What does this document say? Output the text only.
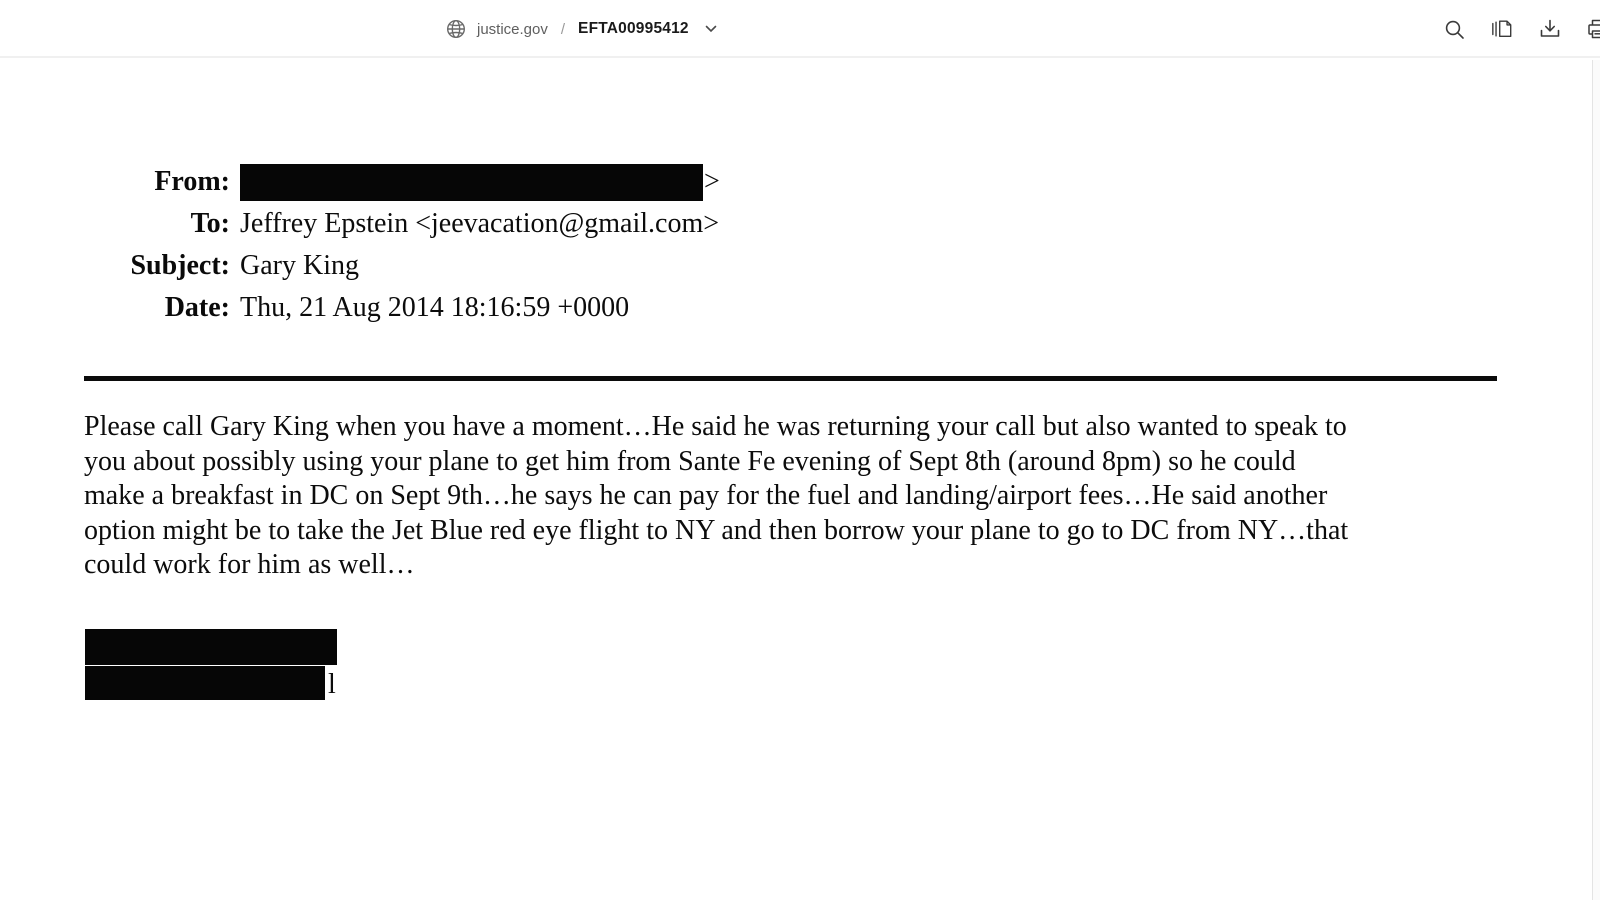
justice.gov / EFTA00995412
From:	>
To: Jeffrey Epstein <jeevacation@gmail.com>
Subject: Gary King
Date: Thu, 21 Aug 2014 18:16:59 +0000
Please call Gary King when you have a moment…He said he was returning your call but also wanted to speak to
you about possibly using your plane to get him from Sante Fe evening of Sept 8th (around 8pm) so he could
make a breakfast in DC on Sept 9th…he says he can pay for the fuel and landing/airport fees…He said another
option might be to take the Jet Blue red eye flight to NY and then borrow your plane to go to DC from NY…that
could work for him as well…
l
